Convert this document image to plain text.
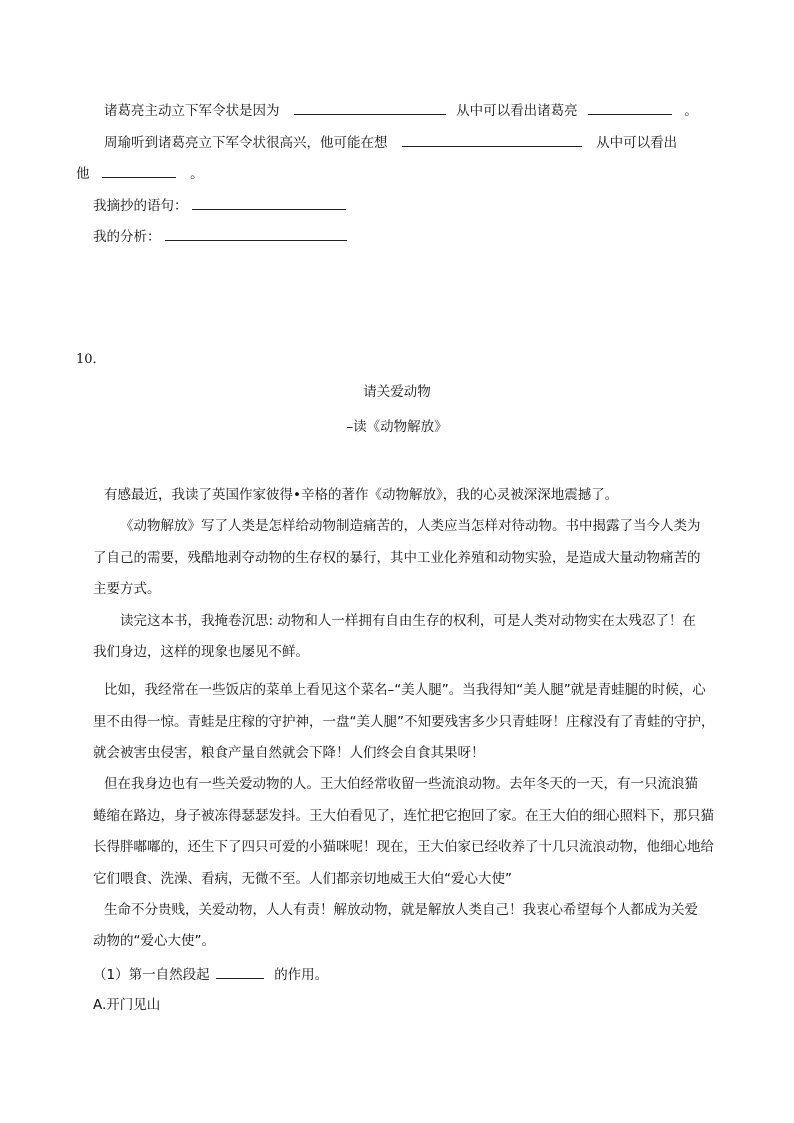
诸葛亮主动立下军令状是因为	从中可以看出诸葛亮	。
周瑜听到诸葛亮立下军令状很高兴，他可能在想	从中可以看出
他	。
我摘抄的语句：
我的分析：
10．
请关爱动物
–读《动物解放》
有感最近，我读了英国作家彼得•辛格的著作《动物解放》，我的心灵被深深地震撼了。
《动物解放》写了人类是怎样给动物制造痛苦的，人类应当怎样对待动物。书中揭露了当今人类为
了自己的需要，残酷地剥夺动物的生存权的暴行，其中工业化养殖和动物实验，是造成大量动物痛苦的
主要方式。
读完这本书，我掩卷沉思: 动物和人一样拥有自由生存的权利，可是人类对动物实在太残忍了！在
我们身边，这样的现象也屡见不鲜。
比如，我经常在一些饭店的菜单上看见这个菜名–“美人腿”。当我得知“美人腿”就是青蛙腿的时候，心
里不由得一惊。青蛙是庄稼的守护神，一盘“美人腿”不知要残害多少只青蛙呀！庄稼没有了青蛙的守护，
就会被害虫侵害，粮食产量自然就会下降！人们终会自食其果呀！
但在我身边也有一些关爱动物的人。王大伯经常收留一些流浪动物。去年冬天的一天，有一只流浪猫
蜷缩在路边，身子被冻得瑟瑟发抖。王大伯看见了，连忙把它抱回了家。在王大伯的细心照料下，那只猫
长得胖嘟嘟的，还生下了四只可爱的小猫咪呢！现在，王大伯家已经收养了十几只流浪动物，他细心地给
它们喂食、洗澡、看病，无微不至。人们都亲切地威王大伯“爱心大使”
生命不分贵贱，关爱动物，人人有责！解放动物，就是解放人类自己！我衷心希望每个人都成为关爱
动物的“爱心大使”。
（1）第一自然段起	的作用。
A.开门见山
